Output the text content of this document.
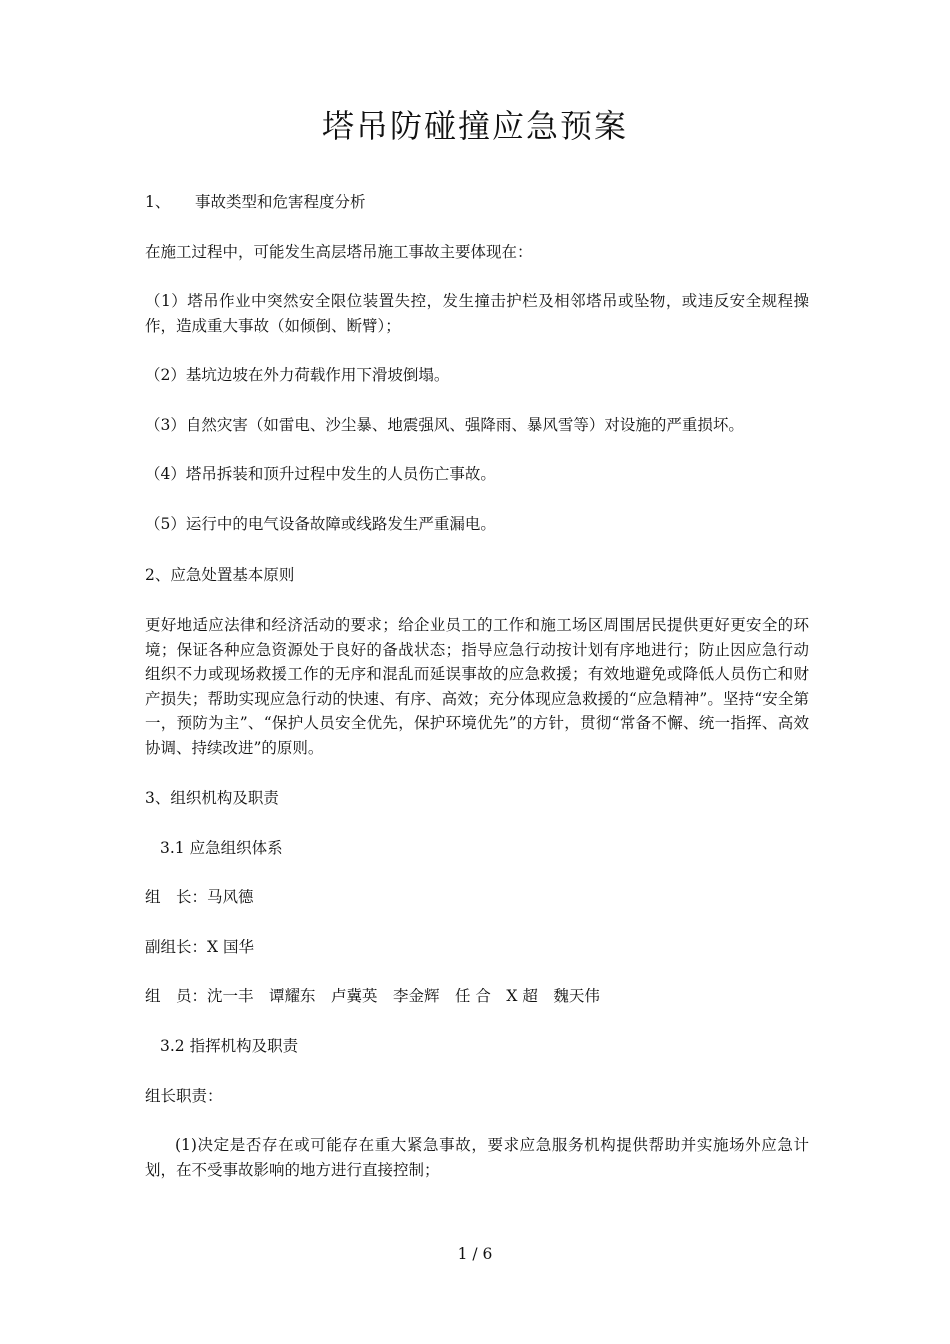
塔吊防碰撞应急预案

1、 事故类型和危害程度分析

在施工过程中，可能发生高层塔吊施工事故主要体现在：

（1）塔吊作业中突然安全限位装置失控，发生撞击护栏及相邻塔吊或坠物，或违反安全规程操作，造成重大事故（如倾倒、断臂）；

（2）基坑边坡在外力荷载作用下滑坡倒塌。

（3）自然灾害（如雷电、沙尘暴、地震强风、强降雨、暴风雪等）对设施的严重损坏。

（4）塔吊拆装和顶升过程中发生的人员伤亡事故。

（5）运行中的电气设备故障或线路发生严重漏电。

2、应急处置基本原则

更好地适应法律和经济活动的要求；给企业员工的工作和施工场区周围居民提供更好更安全的环境；保证各种应急资源处于良好的备战状态；指导应急行动按计划有序地进行；防止因应急行动组织不力或现场救援工作的无序和混乱而延误事故的应急救援；有效地避免或降低人员伤亡和财产损失；帮助实现应急行动的快速、有序、高效；充分体现应急救援的“应急精神”。坚持“安全第一，预防为主”、“保护人员安全优先，保护环境优先”的方针，贯彻“常备不懈、统一指挥、高效协调、持续改进”的原则。

3、组织机构及职责

3.1 应急组织体系

组　长：马风德

副组长：X 国华

组　员：沈一丰　谭耀东　卢冀英　李金辉　任 合　X 超　魏天伟

3.2 指挥机构及职责

组长职责：

(1)决定是否存在或可能存在重大紧急事故，要求应急服务机构提供帮助并实施场外应急计划，在不受事故影响的地方进行直接控制；

1 / 6
